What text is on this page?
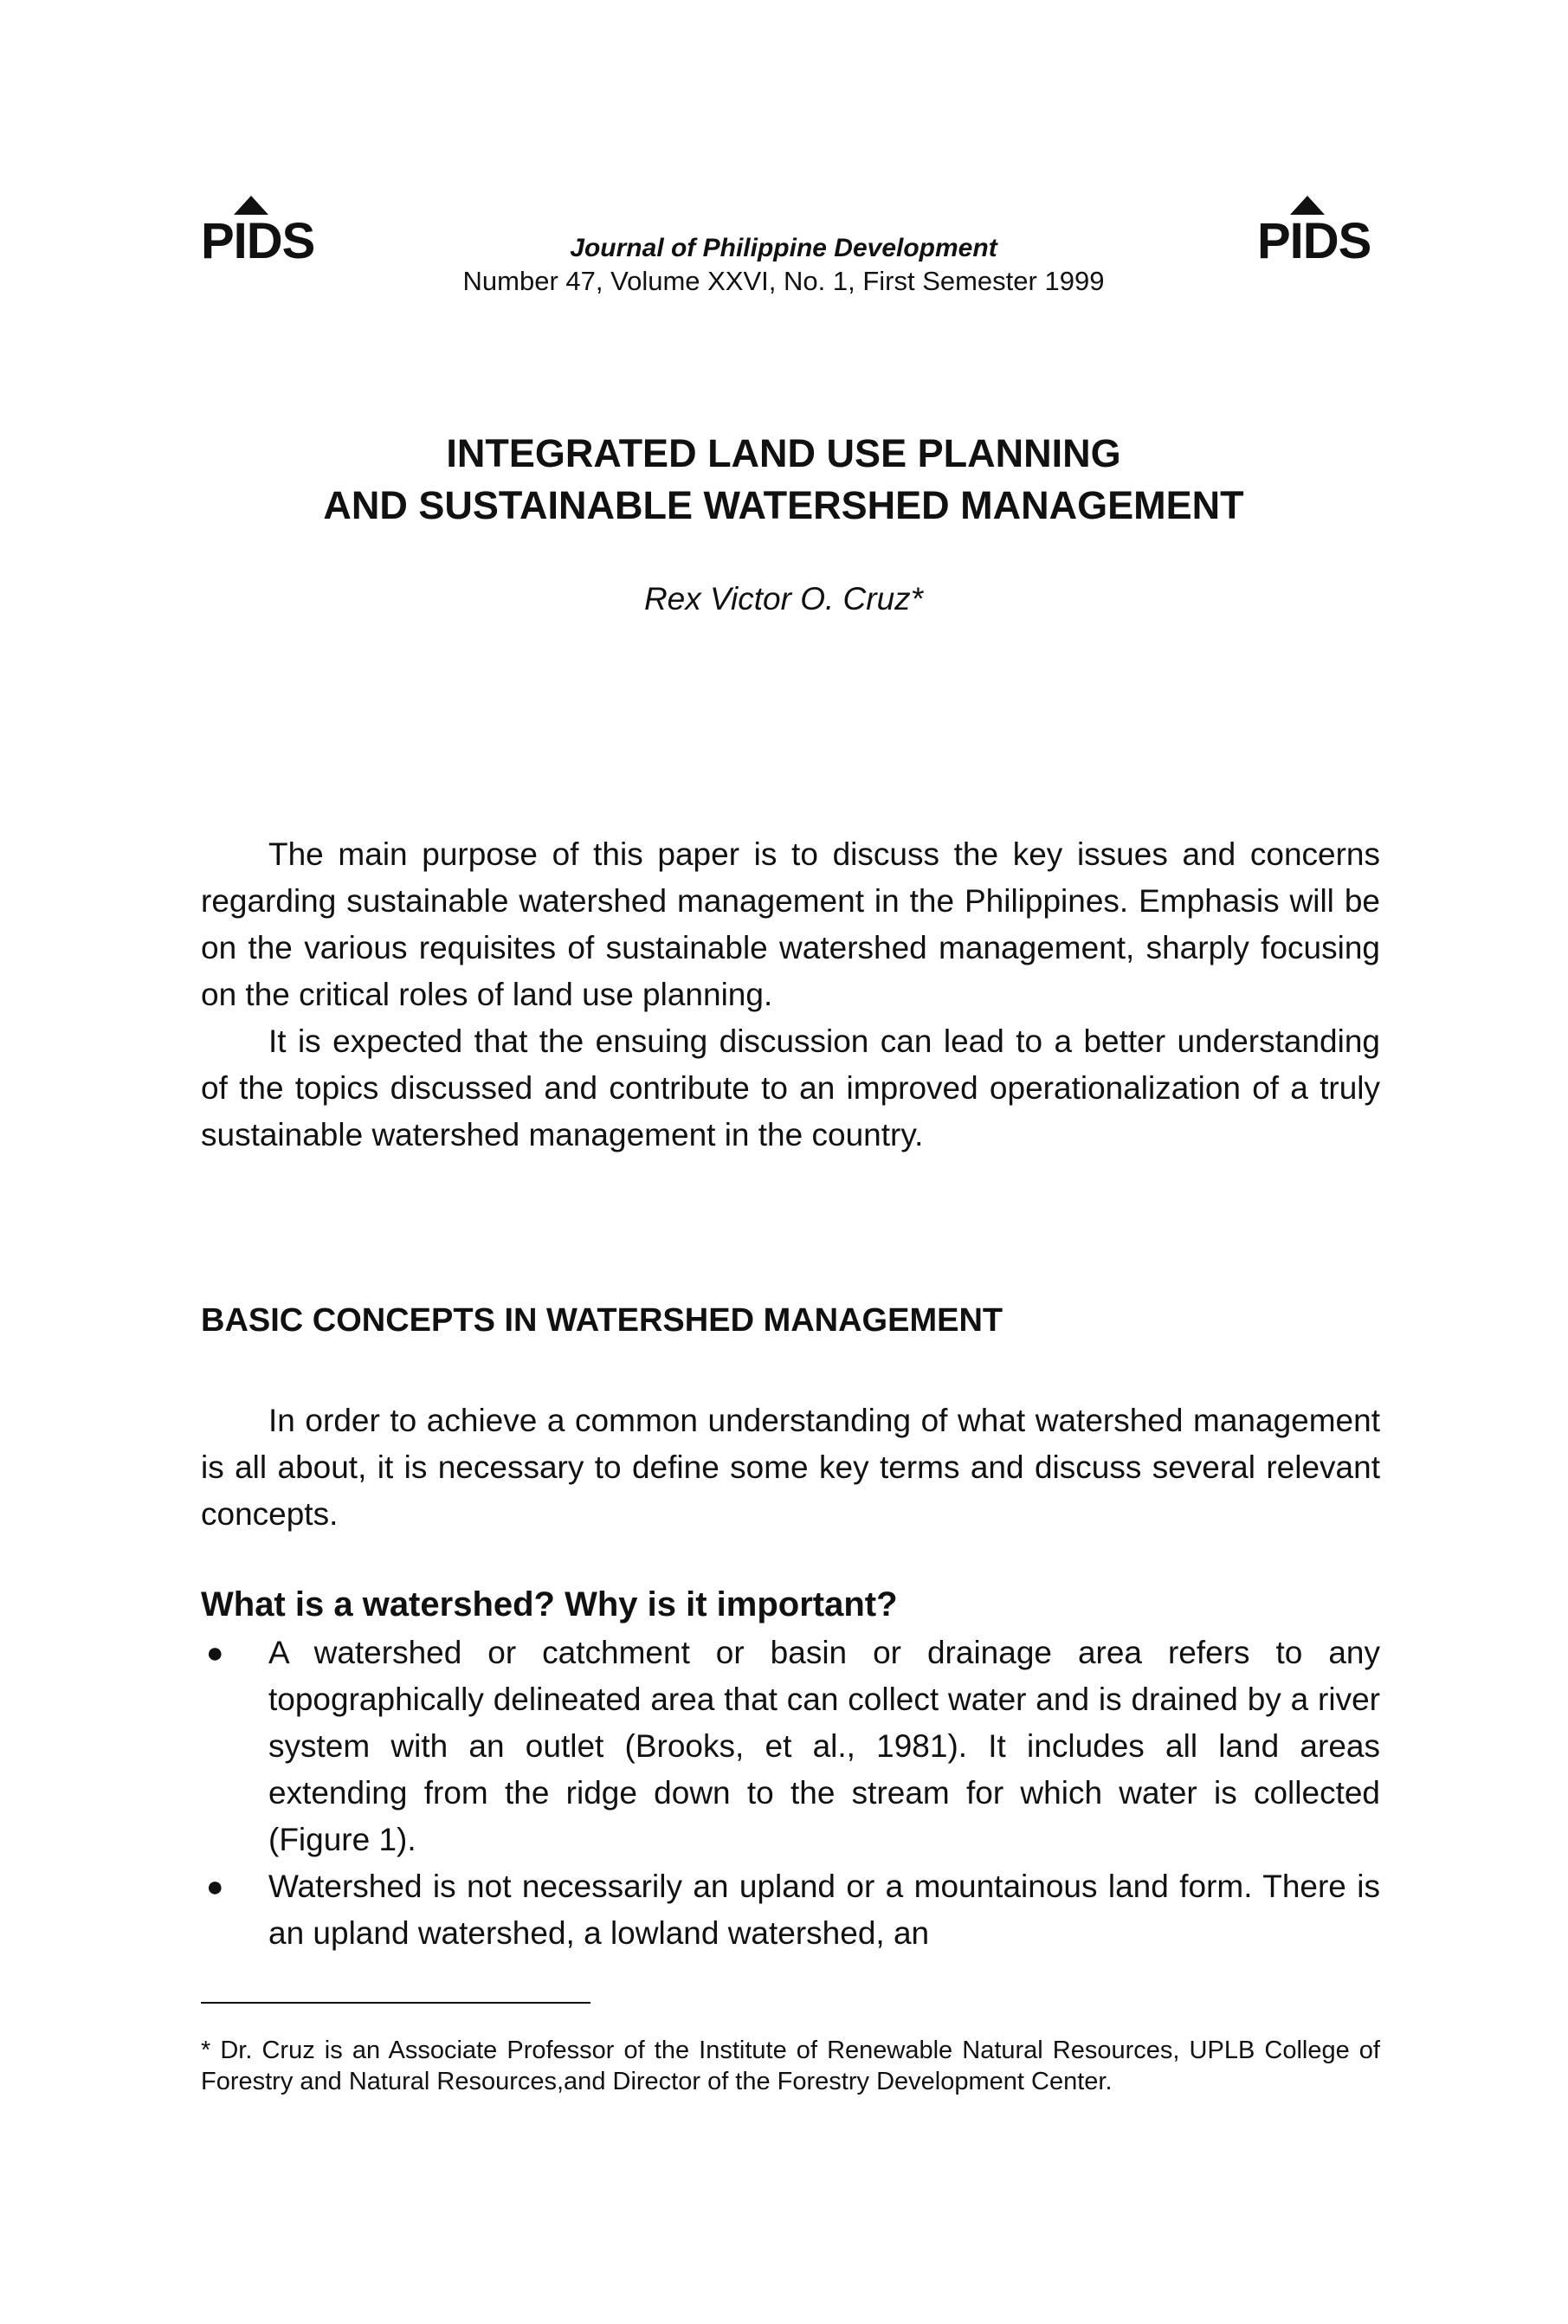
PIDS	Journal of Philippine Development
Number 47, Volume XXVI, No. 1, First Semester 1999
PIDS
INTEGRATED LAND USE PLANNING
AND SUSTAINABLE WATERSHED MANAGEMENT
Rex Victor O. Cruz*

The main purpose of this paper is to discuss the key issues and concerns regarding sustainable watershed management in the Philippines. Emphasis will be on the various requisites of sustainable watershed management, sharply focusing on the critical roles of land use planning.

It is expected that the ensuing discussion can lead to a better understanding of the topics discussed and contribute to an improved operationalization of a truly sustainable watershed management in the country.

BASIC CONCEPTS IN WATERSHED MANAGEMENT

In order to achieve a common understanding of what watershed management is all about, it is necessary to define some key terms and discuss several relevant concepts.

What is a watershed? Why is it important?
● A watershed or catchment or basin or drainage area refers to any topographically delineated area that can collect water and is drained by a river system with an outlet (Brooks, et al., 1981). It includes all land areas extending from the ridge down to the stream for which water is collected (Figure 1).
● Watershed is not necessarily an upland or a mountainous land form. There is an upland watershed, a lowland watershed, an
* Dr. Cruz is an Associate Professor of the Institute of Renewable Natural Resources, UPLB College of Forestry and Natural Resources,and Director of the Forestry Development Center.
